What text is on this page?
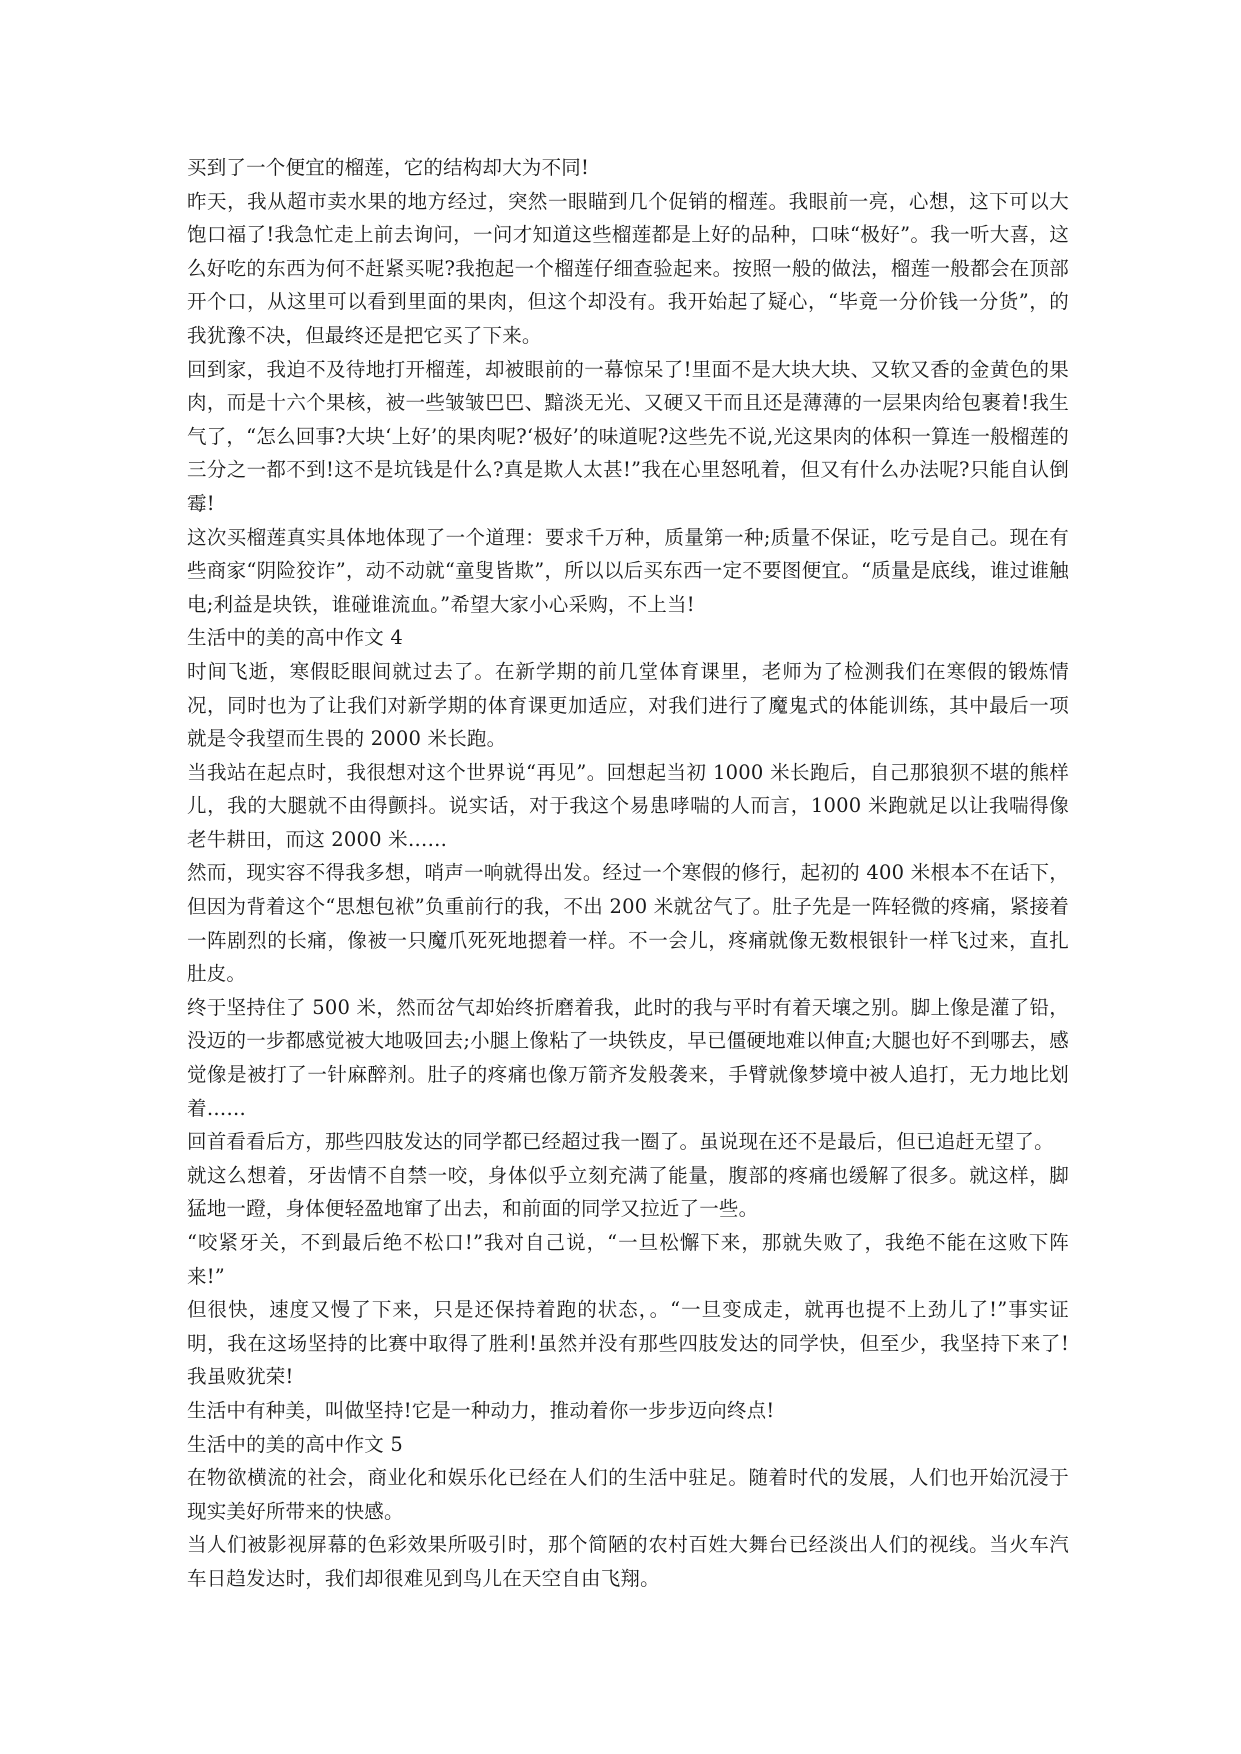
买到了一个便宜的榴莲，它的结构却大为不同!

昨天，我从超市卖水果的地方经过，突然一眼瞄到几个促销的榴莲。我眼前一亮，心想，这下可以大饱口福了!我急忙走上前去询问，一问才知道这些榴莲都是上好的品种，口味“极好”。我一听大喜，这么好吃的东西为何不赶紧买呢?我抱起一个榴莲仔细查验起来。按照一般的做法，榴莲一般都会在顶部开个口，从这里可以看到里面的果肉，但这个却没有。我开始起了疑心，“毕竟一分价钱一分货”，的我犹豫不决，但最终还是把它买了下来。

回到家，我迫不及待地打开榴莲，却被眼前的一幕惊呆了!里面不是大块大块、又软又香的金黄色的果肉，而是十六个果核，被一些皱皱巴巴、黯淡无光、又硬又干而且还是薄薄的一层果肉给包裹着!我生气了，“怎么回事?大块‘上好’的果肉呢?‘极好’的味道呢?这些先不说,光这果肉的体积一算连一般榴莲的三分之一都不到!这不是坑钱是什么?真是欺人太甚!”我在心里怒吼着，但又有什么办法呢?只能自认倒霉!

这次买榴莲真实具体地体现了一个道理：要求千万种，质量第一种;质量不保证，吃亏是自己。现在有些商家“阴险狡诈”，动不动就“童叟皆欺”，所以以后买东西一定不要图便宜。“质量是底线，谁过谁触电;利益是块铁，谁碰谁流血。”希望大家小心采购，不上当!

生活中的美的高中作文 4

时间飞逝，寒假眨眼间就过去了。在新学期的前几堂体育课里，老师为了检测我们在寒假的锻炼情况，同时也为了让我们对新学期的体育课更加适应，对我们进行了魔鬼式的体能训练，其中最后一项就是令我望而生畏的 2000 米长跑。

当我站在起点时，我很想对这个世界说“再见”。回想起当初 1000 米长跑后，自己那狼狈不堪的熊样儿，我的大腿就不由得颤抖。说实话，对于我这个易患哮喘的人而言，1000 米跑就足以让我喘得像老牛耕田，而这 2000 米……

然而，现实容不得我多想，哨声一响就得出发。经过一个寒假的修行，起初的 400 米根本不在话下，但因为背着这个“思想包袱”负重前行的我，不出 200 米就岔气了。肚子先是一阵轻微的疼痛，紧接着一阵剧烈的长痛，像被一只魔爪死死地摁着一样。不一会儿，疼痛就像无数根银针一样飞过来，直扎肚皮。

终于坚持住了 500 米，然而岔气却始终折磨着我，此时的我与平时有着天壤之别。脚上像是灌了铅，没迈的一步都感觉被大地吸回去;小腿上像粘了一块铁皮，早已僵硬地难以伸直;大腿也好不到哪去，感觉像是被打了一针麻醉剂。肚子的疼痛也像万箭齐发般袭来，手臂就像梦境中被人追打，无力地比划着……

回首看看后方，那些四肢发达的同学都已经超过我一圈了。虽说现在还不是最后，但已追赶无望了。

就这么想着，牙齿情不自禁一咬，身体似乎立刻充满了能量，腹部的疼痛也缓解了很多。就这样，脚猛地一蹬，身体便轻盈地窜了出去，和前面的同学又拉近了一些。

“咬紧牙关，不到最后绝不松口!”我对自己说，“一旦松懈下来，那就失败了，我绝不能在这败下阵来!”

但很快，速度又慢了下来，只是还保持着跑的状态，。“一旦变成走，就再也提不上劲儿了!”事实证明，我在这场坚持的比赛中取得了胜利!虽然并没有那些四肢发达的同学快，但至少，我坚持下来了!我虽败犹荣!

生活中有种美，叫做坚持!它是一种动力，推动着你一步步迈向终点!

生活中的美的高中作文 5

在物欲横流的社会，商业化和娱乐化已经在人们的生活中驻足。随着时代的发展，人们也开始沉浸于现实美好所带来的快感。

当人们被影视屏幕的色彩效果所吸引时，那个简陋的农村百姓大舞台已经淡出人们的视线。当火车汽车日趋发达时，我们却很难见到鸟儿在天空自由飞翔。
